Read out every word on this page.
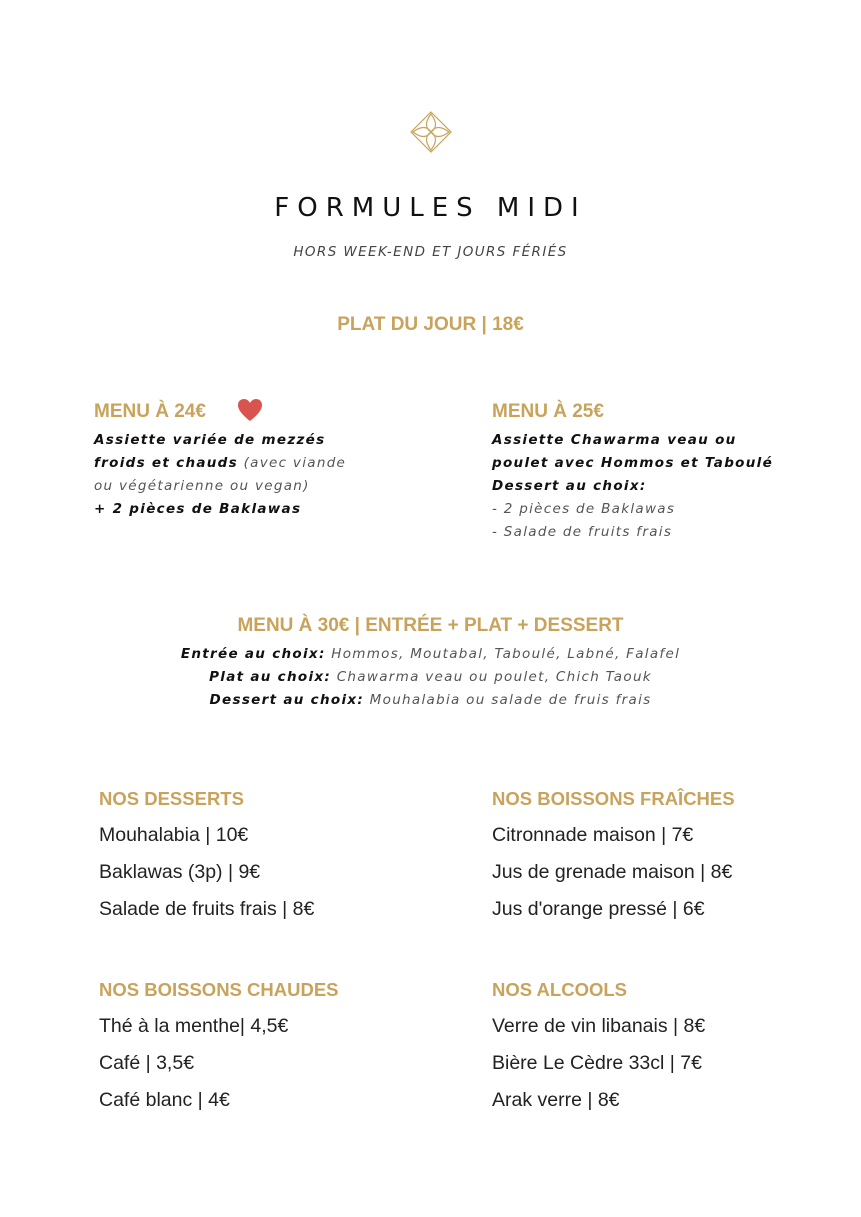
FORMULES MIDI
HORS WEEK-END ET JOURS FÉRIÉS
PLAT DU JOUR | 18€
MENU À 24€
Assiette variée de mezzés
froids et chauds (avec viande
ou végétarienne ou vegan)
+ 2 pièces de Baklawas
MENU À 25€
Assiette Chawarma veau ou
poulet avec Hommos et Taboulé
Dessert au choix:
- 2 pièces de Baklawas
- Salade de fruits frais
MENU À 30€ | ENTRÉE + PLAT + DESSERT
Entrée au choix: Hommos, Moutabal, Taboulé, Labné, Falafel
Plat au choix: Chawarma veau ou poulet, Chich Taouk
Dessert au choix: Mouhalabia ou salade de fruis frais
NOS DESSERTS
Mouhalabia | 10€
Baklawas (3p) | 9€
Salade de fruits frais | 8€
NOS BOISSONS FRAÎCHES
Citronnade maison | 7€
Jus de grenade maison | 8€
Jus d'orange pressé | 6€
NOS BOISSONS CHAUDES
Thé à la menthe| 4,5€
Café | 3,5€
Café blanc | 4€
NOS ALCOOLS
Verre de vin libanais | 8€
Bière Le Cèdre 33cl | 7€
Arak verre | 8€
